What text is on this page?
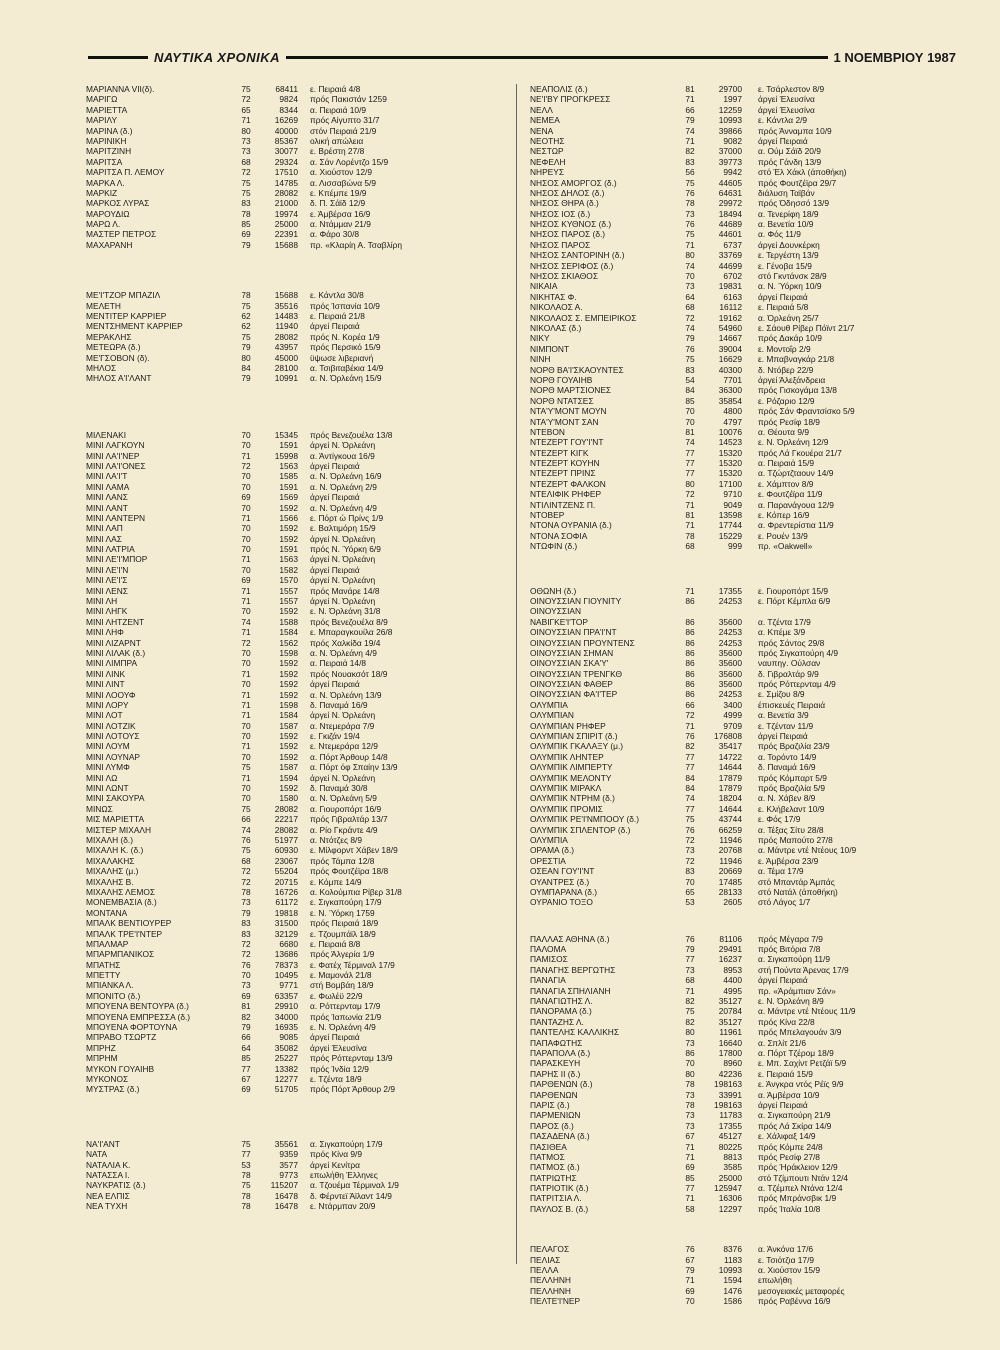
ΝΑΥΤΙΚΑ ΧΡΟΝΙΚΑ	1 ΝΟΕΜΒΡΙΟΥ 1987
ΜΑΡΙΑΝΝΑ VII(δ).	75	68411	ε. Πειραιά 4/8
ΜΑΡΙΓΩ	72	9824	πρός Πακιστάν 1259
ΜΑΡΙΕΤΤΑ	65	8344	α. Πειραιά 10/9
ΜΑΡΙΛΥ	71	16269	πρός Αίγυπτο 31/7
ΜΑΡΙΝΑ (δ.)	80	40000	στόν Πειραιά 21/9
ΜΑΡΙΝΙΚΗ	73	85367	ολική απώλεια
ΜΑΡΙΤΖΙΝΗ	73	30077	ε. Βρέστη 27/8
ΜΑΡΙΤΣΑ	68	29324	α. Σάν Λορέντζο 15/9
ΜΑΡΙΤΣΑ Π. ΛΕΜΟΥ	72	17510	α. Χιούστον 12/9
ΜΑΡΚΑ Λ.	75	14785	α. Λισσαβώνα 5/9
ΜΑΡΚΙΖ	75	28082	ε. Κπέμπε 19/9
ΜΑΡΚΟΣ ΛΥΡΑΣ	83	21000	δ. Π. Σάϊδ 12/9
ΜΑΡΟΥΔΙΩ	78	19974	ε. Άμβέρσα 16/9
ΜΑΡΩ Λ.	85	25000	α. Ντάμμαν 21/9
ΜΑΣΤΕΡ ΠΕΤΡΟΣ	69	22391	α. Φάρο 30/8
ΜΑΧΑΡΑΝΗ	79	15688	πρ. «Κλαρίη Α. Τσαβλίρη
ΜΕ'Ι'ΤΖΟΡ ΜΠΑΖΙΛ	78	15688	ε. Κάντλα 30/8
ΜΕΛΕΤΗ	75	35516	πρός Ίσπανία 10/9
ΜΕΝΤΙΤΕΡ ΚΑΡΡΙΕΡ	62	14483	ε. Πειραιά 21/8
ΜΕΝΤΣΗΜΕΝΤ ΚΑΡΡΙΕΡ	62	11940	άργεί Πειραιά
ΜΕΡΑΚΛΗΣ	75	28082	πρός Ν. Κορέα 1/9
ΜΕΤΕΩΡΑ (δ.)	79	43957	πρός Περσικό 15/9
ΜΕ'ΓΣΟΒΟΝ (δ).	80	45000	ϋψωσε λιβεριανή
ΜΗΛΟΣ	84	28100	α. Τσιβιταβέκια 14/9
ΜΗΛΟΣ Α'Ι'ΛΑΝΤ	79	10991	α. Ν. Όρλεάνη 15/9
ΜΙΛΕΝΑΚΙ	70	15345	πρός Βενεζουέλα 13/8
ΜΙΝΙ ΛΑΓΚΟΥΝ	70	1591	άργεί Ν. Όρλεάνη
ΜΙΝΙ ΛΑ'Ι'ΝΕΡ	71	15998	α. Άντίγκουα 16/9
ΜΙΝΙ ΛΑ'Ι'ΟΝΕΣ	72	1563	άργεί Πειραιά
ΜΙΝΙ ΛΑ'Ι'Τ	70	1585	α. Ν. Όρλεάνη 16/9
ΜΙΝΙ ΛΑΜΑ	70	1591	α. Ν. Όρλεάνη 2/9
ΜΙΝΙ ΛΑΝΣ	69	1569	άργεί Πειραιά
ΜΙΝΙ ΛΑΝΤ	70	1592	α. Ν. Όρλεάνη 4/9
ΜΙΝΙ ΛΑΝΤΕΡΝ	71	1566	ε. Πόρτ ώ Πρίνς 1/9
ΜΙΝΙ ΛΑΠ	70	1592	ε. Βαλτιμόρη 15/9
ΜΙΝΙ ΛΑΣ	70	1592	άργεί Ν. Όρλεάνη
ΜΙΝΙ ΛΑΤΡΙΑ	70	1591	πρός Ν. Ύόρκη 6/9
ΜΙΝΙ ΛΕ'Ι'ΜΠΟΡ	71	1563	άργεί Ν. Όρλεάνη
ΜΙΝΙ ΛΕ'Ι'Ν	70	1582	άργεί Πειραιά
ΜΙΝΙ ΛΕ'Ι'Σ	69	1570	άργεί Ν. Όρλεάνη
ΜΙΝΙ ΛΕΝΣ	71	1557	πρός Μανάρε 14/8
ΜΙΝΙ ΛΗ	71	1557	άργεί Ν. Όρλεάνη
ΜΙΝΙ ΛΗΓΚ	70	1592	ε. Ν. Όρλεάνη 31/8
ΜΙΝΙ ΛΗΤΖΕΝΤ	74	1588	πρός Βενεζουέλα 8/9
ΜΙΝΙ ΛΗΦ	71	1584	ε. Μπαραγκουίλα 26/8
ΜΙΝΙ ΛΙΖΑΡΝΤ	72	1562	πρός Χαλκίδα 19/4
ΜΙΝΙ ΛΙΛΑΚ (δ.)	70	1598	α. Ν. Όρλεάνη 4/9
ΜΙΝΙ ΛΙΜΠΡΑ	70	1592	α. Πειραιά 14/8
ΜΙΝΙ ΛΙΝΚ	71	1592	πρός Νουακσότ 18/9
ΜΙΝΙ ΛΙΝΤ	70	1592	άργεί Πειραιά
ΜΙΝΙ ΛΟΟΥΦ	71	1592	α. Ν. Όρλεάνη 13/9
ΜΙΝΙ ΛΟΡΥ	71	1598	δ. Παναμά 16/9
ΜΙΝΙ ΛΟΤ	71	1584	άργεί Ν. Όρλεάνη
ΜΙΝΙ ΛΟΤΖΙΚ	70	1587	α. Ντεμεράρα 7/9
ΜΙΝΙ ΛΟΤΟΥΣ	70	1592	ε. Γκιζάν 19/4
ΜΙΝΙ ΛΟΥΜ	71	1592	ε. Ντεμεράρα 12/9
ΜΙΝΙ ΛΟΥΝΑΡ	70	1592	α. Πόρτ Άρθουρ 14/8
ΜΙΝΙ ΛΥΜΦ	75	1587	α. Πόρτ όφ Σπαίην 13/9
ΜΙΝΙ ΛΩ	71	1594	άργεί Ν. Όρλεάνη
ΜΙΝΙ ΛΩΝΤ	70	1592	δ. Παναμά 30/8
ΜΙΝΙ ΣΑΚΟΥΡΑ	70	1580	α. Ν. Όρλεάνη 5/9
ΜΙΝΩΣ	75	28082	α. Γιουροπόρτ 16/9
ΜΙΣ ΜΑΡΙΕΤΤΑ	66	22217	πρός Γιβραλτάρ 13/7
ΜΙΣΤΕΡ ΜΙΧΑΛΗ	74	28082	α. Ρίο Γκράντε 4/9
ΜΙΧΑΛΗ (δ.)	76	51977	α. Ντότζες 8/9
ΜΙΧΑΛΗ Κ. (δ.)	75	60930	ε. Μίλφορντ Χάβεν 18/9
ΜΙΧΑΛΑΚΗΣ	68	23067	πρός Τάμπα 12/8
ΜΙΧΑΛΗΣ (μ.)	72	55204	πρός Φουτζέϊρα 18/8
ΜΙΧΑΛΗΣ Β.	72	20715	ε. Κόμπε 14/9
ΜΙΧΑΛΗΣ ΛΕΜΟΣ	78	16726	α. Κολούμπια Ρίβερ 31/8
ΜΟΝΕΜΒΑΣΙΑ (δ.)	73	61172	ε. Σιγκαπούρη 17/9
ΜΟΝΤΑΝΑ	79	19818	ε. Ν. Ύόρκη 1759
ΜΠΑΛΚ ΒΕΝΤΙΟΥΡΕΡ	83	31500	πρός Πειραιά 18/9
ΜΠΑΛΚ ΤΡΕ'Ι'ΝΤΕΡ	83	32129	ε. Τζουμπάϊλ 18/9
ΜΠΑΛΜΑΡ	72	6680	ε. Πειραιά 8/8
ΜΠΑΡΜΠΑΝΙΚΟΣ	72	13686	πρός Άλγερία 1/9
ΜΠΑΤΗΣ	76	78373	ε. Φατέχ Τέρμιναλ 17/9
ΜΠΕΤΤΥ	70	10495	ε. Μαμονάλ 21/8
ΜΠΙΑΝΚΑ Λ.	73	9771	στή Βομβάη 18/9
ΜΠΟΝΙΤΟ (δ.)	69	63357	ε. Φωλέϋ 22/9
ΜΠΟΥΕΝΑ ΒΕΝΤΟΥΡΑ (δ.)	81	29910	α. Ρόττερνταμ 17/9
ΜΠΟΥΕΝΑ ΕΜΠΡΕΣΣΑ (δ.)	82	34000	πρός Ίαπωνία 21/9
ΜΠΟΥΕΝΑ ΦΟΡΤΟΥΝΑ	79	16935	ε. Ν. Όρλεάνη 4/9
ΜΠΡΑΒΟ ΤΣΩΡΤΖ	66	9085	άργεί Πειραιά
ΜΠΡΗΖ	64	35082	άργεί Έλευσίνα
ΜΠΡΗΜ	85	25227	πρός Ρόττερνταμ 13/9
ΜΥΚΟΝ ΓΟΥΑΙΗΒ	77	13382	πρός Ίνδία 12/9
ΜΥΚΟΝΟΣ	67	12277	ε. Τζέντα 18/9
ΜΥΣΤΡΑΣ (δ.)	69	51705	πρός Πόρτ Άρθουρ 2/9
ΝΑ'Ι'ΑΝΤ	75	35561	α. Σιγκαπούρη 17/9
ΝΑΤΑ	77	9359	πρός Κίνα 9/9
ΝΑΤΑΛΙΑ Κ.	53	3577	άργεί Κενίτρα
ΝΑΤΑΣΣΑ Ι.	78	9773	επωλήθη Έλληνες
ΝΑΥΚΡΑΤΙΣ (δ.)	75	115207	α. Τζουέμα Τέρμιναλ 1/9
ΝΕΑ ΕΛΠΙΣ	78	16478	δ. Φέρντεϊ Άϊλαντ 14/9
ΝΕΑ ΤΥΧΗ	78	16478	ε. Ντάρμπαν 20/9
ΝΕΑΠΟΛΙΣ (δ.)	81	29700	ε. Τσάρλεστον 8/9
ΝΕ'Ι'ΒΥ ΠΡΟΓΚΡΕΣΣ	71	1997	άργεί Έλευσίνα
ΝΕΛΛ	66	12259	άργεί Έλευσίνα
ΝΕΜΕΑ	79	10993	ε. Κάντλα 2/9
ΝΕΝΑ	74	39866	πρός Άνναμπα 10/9
ΝΕΟΤΗΣ	71	9082	άργεί Πειραιά
ΝΕΣΤΩΡ	82	37000	α. Ούμ Σάϊδ 20/9
ΝΕΦΕΛΗ	83	39773	πρός Γάνδη 13/9
ΝΗΡΕΥΣ	56	9942	στό Έλ Χάκλ (άποθήκη)
ΝΗΣΟΣ ΑΜΟΡΓΟΣ (δ.)	75	44605	πρός Φουτζέϊρα 29/7
ΝΗΣΟΣ ΔΗΛΟΣ (δ.)	76	64631	διάλυση Ταϊβάν
ΝΗΣΟΣ ΘΗΡΑ (δ.)	78	29972	πρός Όδησσό 13/9
ΝΗΣΟΣ ΙΟΣ (δ.)	73	18494	α. Τενερίφη 18/9
ΝΗΣΟΣ ΚΥΘΝΟΣ (δ.)	76	44689	α. Βενετία 10/9
ΝΗΣΟΣ ΠΑΡΟΣ (δ.)	75	44601	α. Φός 11/9
ΝΗΣΟΣ ΠΑΡΟΣ	71	6737	άργεί Δουνκέρκη
ΝΗΣΟΣ ΣΑΝΤΟΡΙΝΗ (δ.)	80	33769	ε. Τεργέστη 13/9
ΝΗΣΟΣ ΣΕΡΙΦΟΣ (δ.)	74	44699	ε. Γένοβα 15/9
ΝΗΣΟΣ ΣΚΙΑΘΟΣ	70	6702	στό Γκντάνσκ 28/9
ΝΙΚΑΙΑ	73	19831	α. Ν. Ύόρκη 10/9
ΝΙΚΗΤΑΣ Φ.	64	6163	άργεί Πειραιά
ΝΙΚΟΛΑΟΣ Α.	68	16112	ε. Πειραιά 5/8
ΝΙΚΟΛΑΟΣ Σ. ΕΜΠΕΙΡΙΚΟΣ	72	19162	α. Όρλεάνη 25/7
ΝΙΚΟΛΑΣ (δ.)	74	54960	ε. Σάουθ Ρίβερ Πόϊντ 21/7
ΝΙΚΥ	79	14667	πρός Δακάρ 10/9
ΝΙΜΠΟΝΤ	76	39004	ε. Μοντοΐρ 2/9
ΝΙΝΗ	75	16629	ε. Μπαβναγκάρ 21/8
ΝΟΡΘ ΒΑ'Ι'ΣΚΑΟΥΝΤΕΣ	83	40300	δ. Ντόβερ 22/9
ΝΟΡΘ ΓΟΥΑΙΗΒ	54	7701	άργεί Άλεξάνδρεια
ΝΟΡΘ ΜΑΡΤΣΙΟΝΕΣ	84	36300	πρός Γισκογάμα 13/8
ΝΟΡΘ ΝΤΑΤΣΕΣ	85	35854	ε. Ρόζαριο 12/9
ΝΤΑ'Υ'ΜΟΝΤ ΜΟΥΝ	70	4800	πρός Σάν Φραντσίσκο 5/9
ΝΤΑ'Υ'ΜΟΝΤ ΣΑΝ	70	4797	πρός Ρεσίφ 18/9
ΝΤΕΒΟΝ	81	10076	α. Θέουτα 9/9
ΝΤΕΖΕΡΤ ΓΟΥ'Ι'ΝΤ	74	14523	ε. Ν. Όρλεάνη 12/9
ΝΤΕΖΕΡΤ ΚΙΓΚ	77	15320	πρός Λά Γκουέρα 21/7
ΝΤΕΖΕΡΤ ΚΟΥΗΝ	77	15320	α. Πειραιά 15/9
ΝΤΕΖΕΡΤ ΠΡΙΝΣ	77	15320	α. Τζώρτζταουν 14/9
ΝΤΕΖΕΡΤ ΦΑΛΚΟΝ	80	17100	ε. Χάμπτον 8/9
ΝΤΕΛΙΦΙΚ ΡΗΦΕΡ	72	9710	ε. Φουτζέϊρα 11/9
ΝΤΙΛΙΝΤΖΕΝΣ Π.	71	9049	α. Παρανάγουα 12/9
ΝΤΟΒΕΡ	81	13598	ε. Κόπερ 16/9
ΝΤΟΝΑ ΟΥΡΑΝΙΑ (δ.)	71	17744	α. Φρεντερίστια 11/9
ΝΤΟΝΑ ΣΟΦΙΑ	78	15229	ε. Ρουέν 13/9
ΝΤΩΦΙΝ (δ.)	68	999	πρ. «Oakwell»
ΟΘΩΝΗ (δ.)	71	17355	ε. Γιουροπόρτ 15/9
ΟΙΝΟΥΣΣΙΑΝ ΓΙΟΥΝΙΤΥ	86	24253	ε. Πόρτ Κέμπλα 6/9
ΟΙΝΟΥΣΣΙΑΝ
ΝΑΒΙΓΚΕ'Ι'ΤΟΡ	86	35600	α. Τζέντα 17/9
ΟΙΝΟΥΣΣΙΑΝ ΠΡΑ'Ι'ΝΤ	86	24253	α. Κπέμε 3/9
ΟΙΝΟΥΣΣΙΑΝ ΠΡΟΥΝΤΕΝΣ	86	24253	πρός Σάντος 29/8
ΟΙΝΟΥΣΣΙΑΝ ΣΗΜΑΝ	86	35600	πρός Σιγκαπούρη 4/9
ΟΙΝΟΥΣΣΙΑΝ ΣΚΑ'Υ'	86	35600	ναυπηγ. Ούλσαν
ΟΙΝΟΥΣΣΙΑΝ ΤΡΕΝΓΚΘ	86	35600	δ. Γιβραλτάρ 9/9
ΟΙΝΟΥΣΣΙΑΝ ΦΑΘΕΡ	86	35600	πρός Ρόττερνταμ 4/9
ΟΙΝΟΥΣΣΙΑΝ ΦΑ'Ι'ΤΕΡ	86	24253	ε. Σμίζου 8/9
ΟΛΥΜΠΙΑ	66	3400	έπισκευές Πειραιά
ΟΛΥΜΠΙΑΝ	72	4999	α. Βενετία 3/9
ΟΛΥΜΠΙΑΝ ΡΗΦΕΡ	71	9709	ε. Τζένταν 11/9
ΟΛΥΜΠΙΑΝ ΣΠΙΡΙΤ (δ.)	76	176808	άργεί Πειραιά
ΟΛΥΜΠΙΚ ΓΚΑΛΑΞΥ (μ.)	82	35417	πρός Βραζιλία 23/9
ΟΛΥΜΠΙΚ ΛΗΝΤΕΡ	77	14722	α. Τορόντο 14/9
ΟΛΥΜΠΙΚ ΛΙΜΠΕΡΤΥ	77	14644	δ. Παναμά 16/9
ΟΛΥΜΠΙΚ ΜΕΛΟΝΤΥ	84	17879	πρός Κόμπαρτ 5/9
ΟΛΥΜΠΙΚ ΜΙΡΑΚΛ	84	17879	πρός Βραζιλία 5/9
ΟΛΥΜΠΙΚ ΝΤΡΗΜ (δ.)	74	18204	α. Ν. Χάβεν 8/9
ΟΛΥΜΠΙΚ ΠΡΟΜΙΣ	77	14644	ε. Κλήβελαντ 10/9
ΟΛΥΜΠΙΚ ΡΕ'Ι'ΝΜΠΟΟΥ (δ.)	75	43744	ε. Φός 17/9
ΟΛΥΜΠΙΚ ΣΠΛΕΝΤΟΡ (δ.)	76	66259	α. Τέξας Σίτυ 28/8
ΟΛΥΜΠΙΑ	72	11946	πρός Μαπούτο 27/8
ΟΡΑΜΑ (δ.)	73	20768	α. Μάντρε ντέ Ντέους 10/9
ΟΡΕΣΤΙΑ	72	11946	ε. Άμβέρσα 23/9
ΟΣΕΑΝ ΓΟΥ'Ι'ΝΤ	83	20669	α. Τέμα 17/9
ΟΥΑΝΤΡΕΣ (δ.)	70	17485	στό Μπαντάρ Άμπάς
ΟΥΜΠΑΡΑΝΑ (δ.)	65	28133	στό Νατάλ (άποθήκη)
ΟΥΡΑΝΙΟ ΤΟΞΟ	53	2605	στό Λάγος 1/7
ΠΑΛΛΑΣ ΑΘΗΝΑ (δ.)	76	81106	πρός Μέγαρα 7/9
ΠΑΛΟΜΑ	79	29491	πρός Βιτόρια 7/8
ΠΑΜΙΣΟΣ	77	16237	α. Σιγκαπούρη 11/9
ΠΑΝΑΓΗΣ ΒΕΡΓΩΤΗΣ	73	8953	στή Πούντα Άρενας 17/9
ΠΑΝΑΓΙΑ	68	4400	άργεί Πειραιά
ΠΑΝΑΓΙΑ ΣΠΗΛΙΑΝΗ	71	4995	πρ. «Άράμπιαν Σάν»
ΠΑΝΑΓΙΩΤΗΣ Λ.	82	35127	ε. Ν. Όρλεάνη 8/9
ΠΑΝΟΡΑΜΑ (δ.)	75	20784	α. Μάντρε ντέ Ντέους 11/9
ΠΑΝΤΑΖΗΣ Λ.	82	35127	πρός Κίνα 22/8
ΠΑΝΤΕΛΗΣ ΚΑΛΛΙΚΗΣ	80	11961	πρός Μπελαγουάν 3/9
ΠΑΠΑΦΩΤΗΣ	73	16640	α. Σπλίτ 21/6
ΠΑΡΑΠΟΛΑ (δ.)	86	17800	α. Πόρτ Τζέρομ 18/9
ΠΑΡΑΣΚΕΥΗ	70	8960	ε. Μπ. Σαχίντ Ρετζάϊ 5/9
ΠΑΡΗΣ ΙΙ (δ.)	80	42236	ε. Πειραιά 15/9
ΠΑΡΘΕΝΩΝ (δ.)	78	198163	ε. Άνγκρα ντός Ρέϊς 9/9
ΠΑΡΘΕΝΩΝ	73	33991	α. Άμβέρσα 10/9
ΠΑΡΙΣ (δ.)	78	198163	άργεί Πειραιά
ΠΑΡΜΕΝΙΩΝ	73	11783	α. Σιγκαπούρη 21/9
ΠΑΡΟΣ (δ.)	73	17355	πρός Λά Σκίρα 14/9
ΠΑΣΑΔΕΝΑ (δ.)	67	45127	ε. Χάλιφαξ 14/9
ΠΑΣΙΘΕΑ	71	80225	πρός Κόμπε 24/8
ΠΑΤΜΟΣ	71	8813	πρός Ρεσίφ 27/8
ΠΑΤΜΟΣ (δ.)	69	3585	πρός Ήράκλειον 12/9
ΠΑΤΡΙΩΤΗΣ	85	25000	στό Τζίμπουτι Ντάν 12/4
ΠΑΤΡΙΟΤΙΚ (δ.)	77	125947	α. Τζέμπελ Ντάνα 12/4
ΠΑΤΡΙΤΣΙΑ Λ.	71	16306	πρός Μπράνσβικ 1/9
ΠΑΥΛΟΣ Β. (δ.)	58	12297	πρός Ίταλία 10/8
ΠΕΛΑΓΟΣ	76	8376	α. Άνκόνα 17/6
ΠΕΛΙΑΣ	67	1183	ε. Τσιότζια 17/9
ΠΕΛΛΑ	79	10993	α. Χιούστον 15/9
ΠΕΛΛΗΝΗ	71	1594	επωλήθη
ΠΕΛΛΗΝΗ	69	1476	μεσογειακές μεταφορές
ΠΕΛΤΕ'Ι'ΝΕΡ	70	1586	πρός Ραβέννα 16/9
